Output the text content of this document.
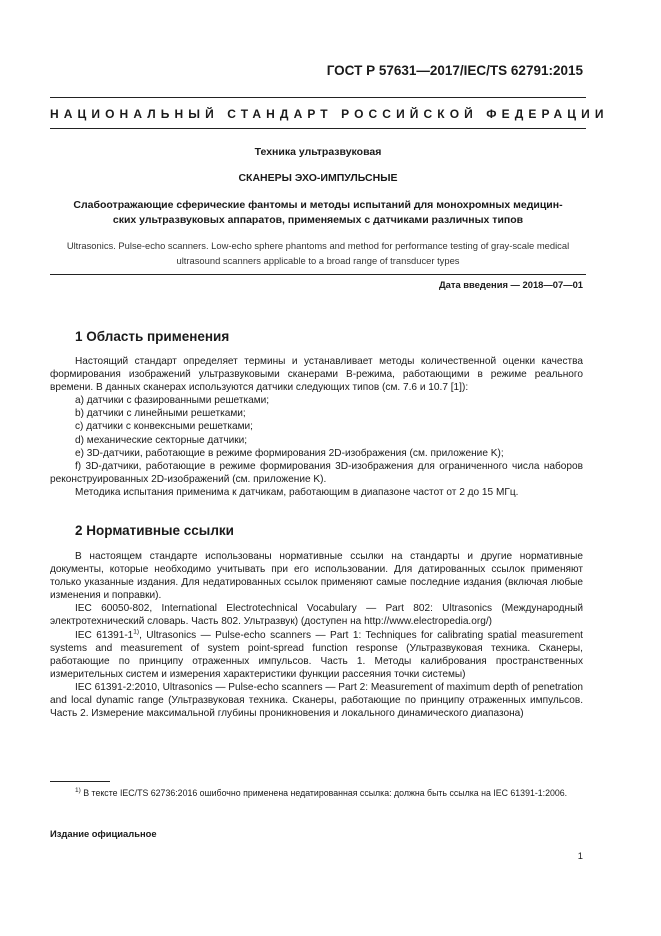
ГОСТ Р 57631—2017/IEC/TS 62791:2015
НАЦИОНАЛЬНЫЙ СТАНДАРТ РОССИЙСКОЙ ФЕДЕРАЦИИ
Техника ультразвуковая
СКАНЕРЫ ЭХО-ИМПУЛЬСНЫЕ
Слабоотражающие сферические фантомы и методы испытаний для монохромных медицин-
ских ультразвуковых аппаратов, применяемых с датчиками различных типов
Ultrasonics. Pulse-echo scanners. Low-echo sphere phantoms and method for performance testing of gray-scale medical
ultrasound scanners applicable to a broad range of transducer types
Дата введения — 2018—07—01
1 Область применения

Настоящий стандарт определяет термины и устанавливает методы количественной оценки качества формирования изображений ультразвуковыми сканерами B-режима, работающими в режиме реального времени. В данных сканерах используются датчики следующих типов (см. 7.6 и 10.7 [1]):

a) датчики с фазированными решетками;

b) датчики с линейными решетками;

c) датчики с конвексными решетками;

d) механические секторные датчики;

e) 3D-датчики, работающие в режиме формирования 2D-изображения (см. приложение K);

f) 3D-датчики, работающие в режиме формирования 3D-изображения для ограниченного числа наборов реконструированных 2D-изображений (см. приложение K).

Методика испытания применима к датчикам, работающим в диапазоне частот от 2 до 15 МГц.

2 Нормативные ссылки

В настоящем стандарте использованы нормативные ссылки на стандарты и другие нормативные документы, которые необходимо учитывать при его использовании. Для датированных ссылок применяют только указанные издания. Для недатированных ссылок применяют самые последние издания (включая любые изменения и поправки).

IEC 60050-802, International Electrotechnical Vocabulary — Part 802: Ultrasonics (Международный электротехнический словарь. Часть 802. Ультразвук) (доступен на http://www.electropedia.org/)

IEC 61391-1$^{1)}$, Ultrasonics — Pulse-echo scanners — Part 1: Techniques for calibrating spatial measurement systems and measurement of system point-spread function response (Ультразвуковая техника. Сканеры, работающие по принципу отраженных импульсов. Часть 1. Методы калибрования пространственных измерительных систем и измерения характеристики функции рассеяния точки системы)

IEC 61391-2:2010, Ultrasonics — Pulse-echo scanners — Part 2: Measurement of maximum depth of penetration and local dynamic range (Ультразвуковая техника. Сканеры, работающие по принципу отраженных импульсов. Часть 2. Измерение максимальной глубины проникновения и локального динамического диапазона)

$^{1)}$ В тексте IEC/TS 62736:2016 ошибочно применена недатированная ссылка: должна быть ссылка на IEC 61391-1:2006.
Издание официальное
1
